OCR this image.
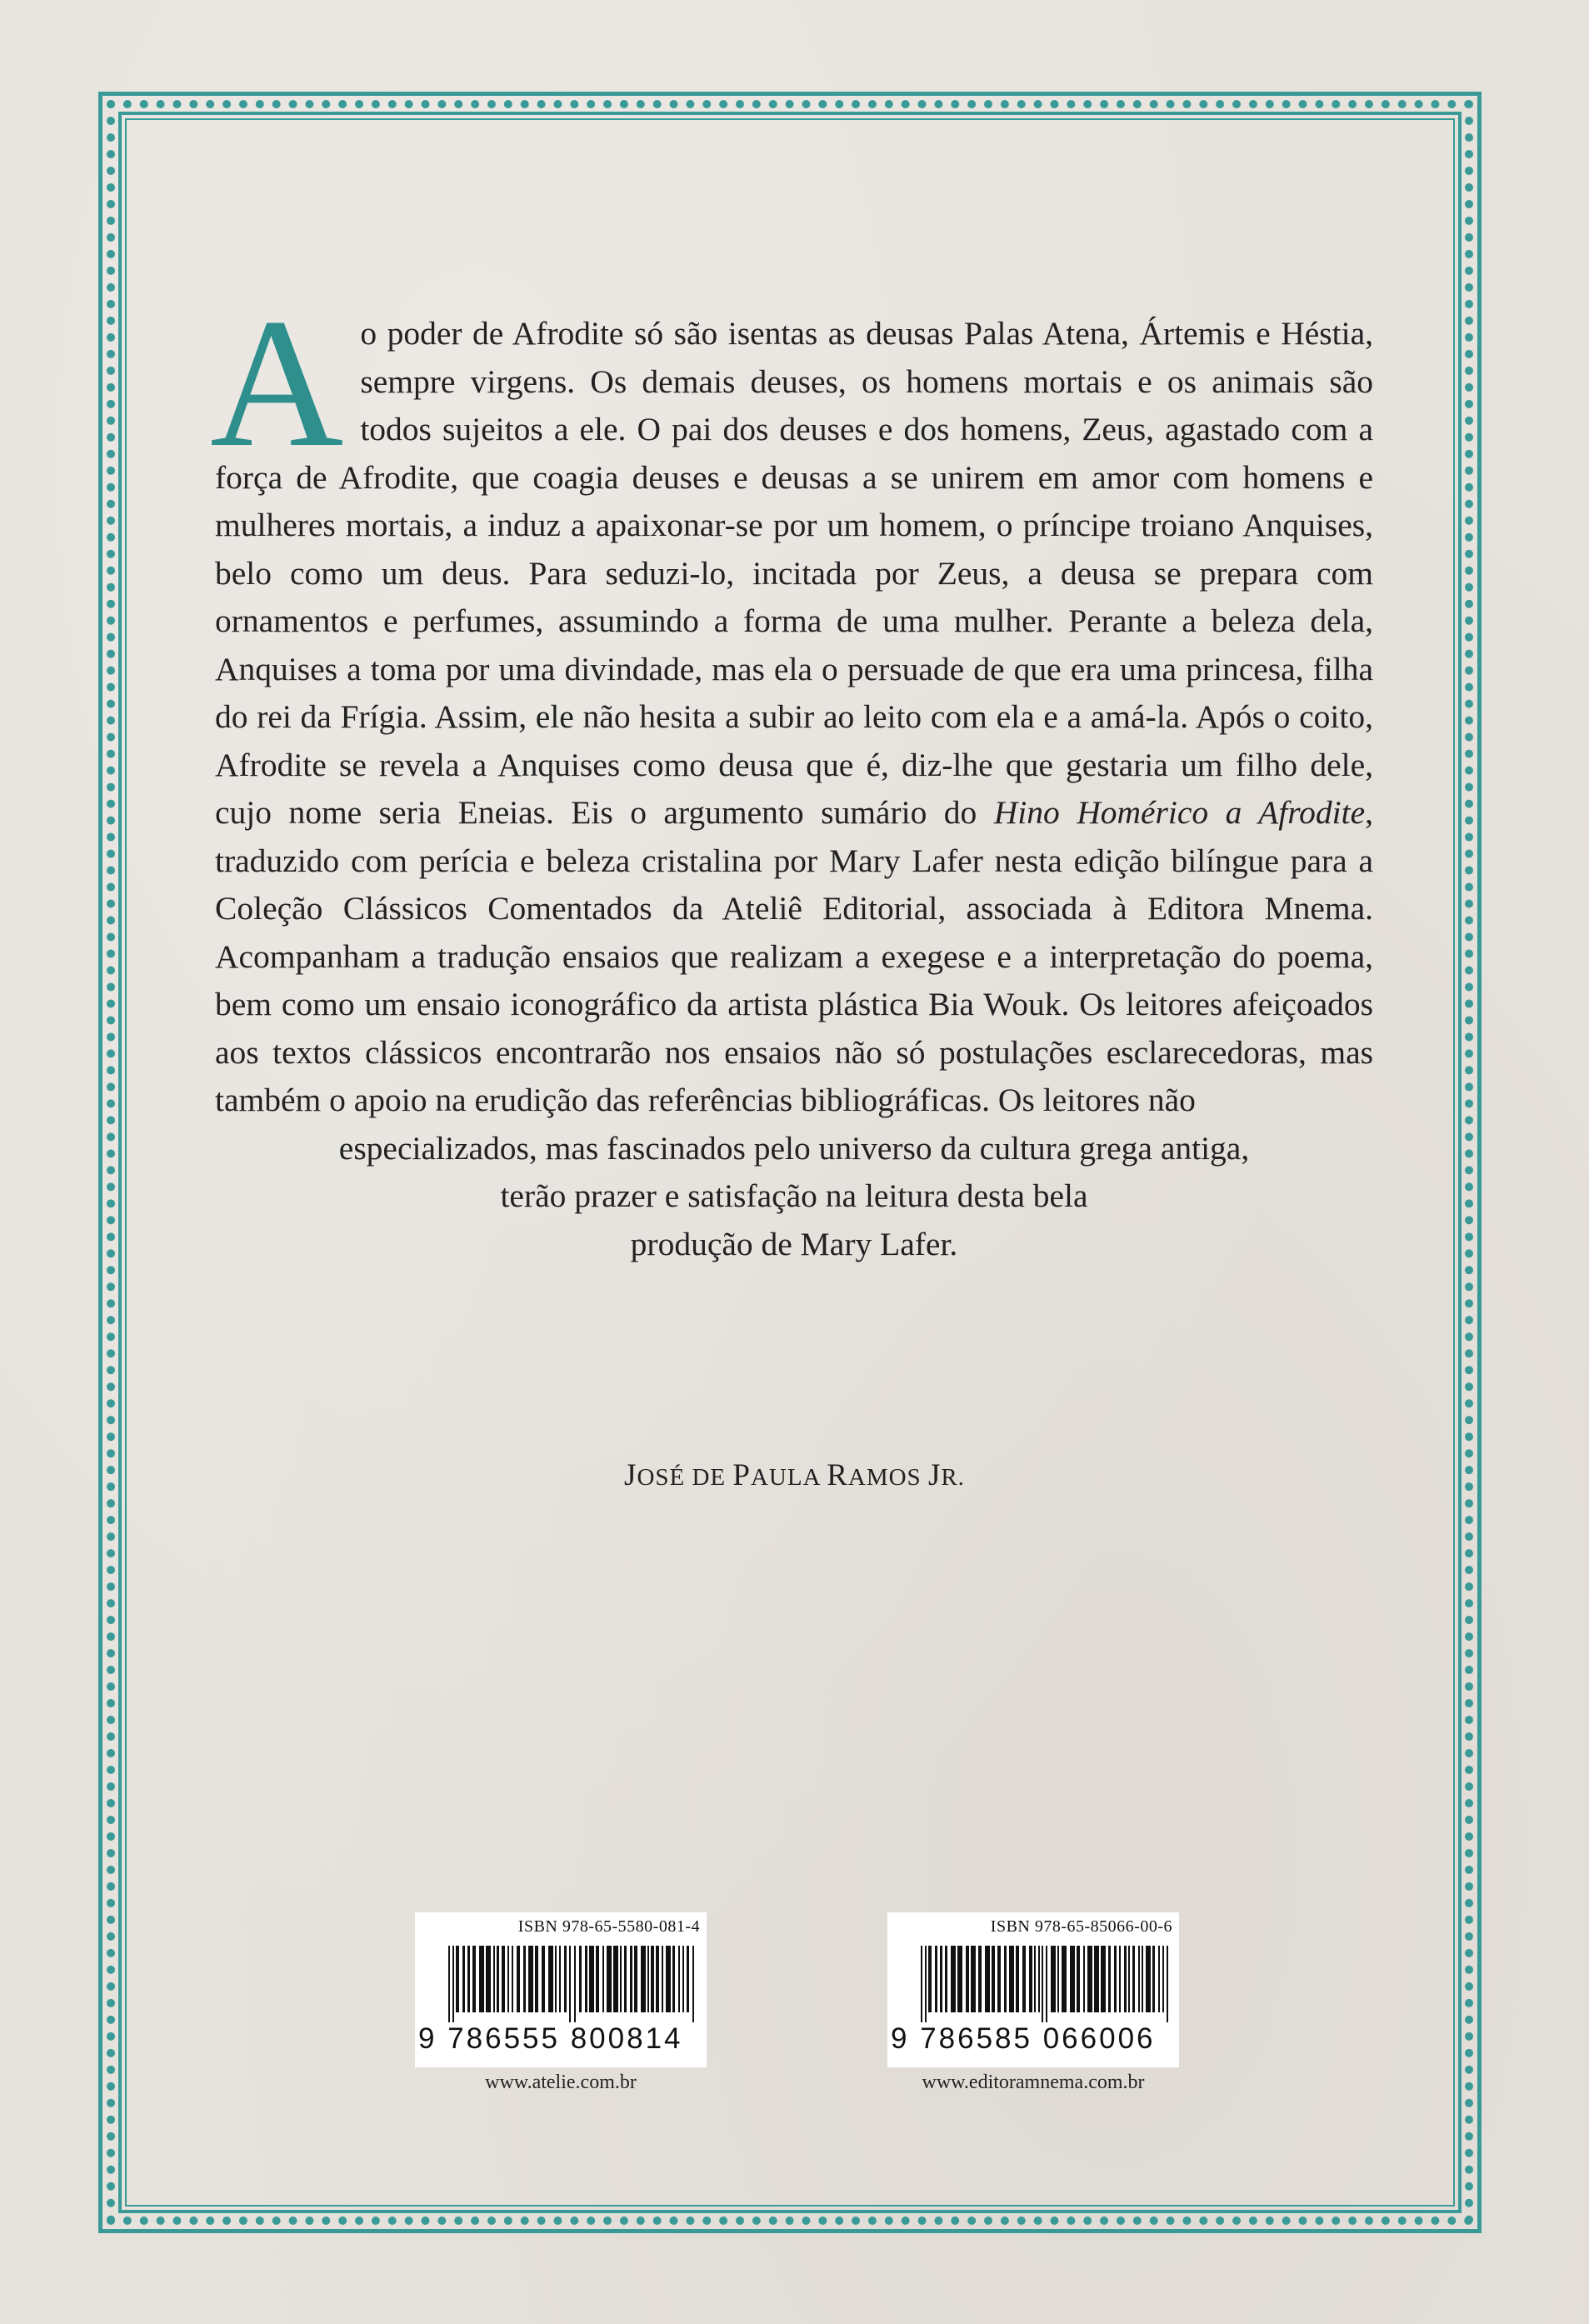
Ao poder de Afrodite só são isentas as deusas Palas Atena, Ártemis e Héstia, sempre virgens. Os demais deuses, os homens mortais e os animais são todos sujeitos a ele. O pai dos deuses e dos homens, Zeus, agastado com a força de Afrodite, que coagia deuses e deusas a se unirem em amor com homens e mulheres mortais, a induz a apaixonar-se por um homem, o príncipe troiano Anquises, belo como um deus. Para seduzi-lo, incitada por Zeus, a deusa se prepara com ornamentos e perfumes, assumindo a forma de uma mulher. Perante a beleza dela, Anquises a toma por uma divindade, mas ela o persuade de que era uma princesa, filha do rei da Frígia. Assim, ele não hesita a subir ao leito com ela e a amá-la. Após o coito, Afrodite se revela a Anquises como deusa que é, diz-lhe que gestaria um filho dele, cujo nome seria Eneias. Eis o argumento sumário do Hino Homérico a Afrodite, traduzido com perícia e beleza cristalina por Mary Lafer nesta edição bilíngue para a Coleção Clássicos Comentados da Ateliê Editorial, associada à Editora Mnema. Acompanham a tradução ensaios que realizam a exegese e a interpretação do poema, bem como um ensaio iconográfico da artista plástica Bia Wouk. Os leitores afeiçoados aos textos clássicos encontrarão nos ensaios não só postulações esclarecedoras, mas também o apoio na erudição das referências bibliográficas. Os leitores não

especializados, mas fascinados pelo universo da cultura grega antiga,
terão prazer e satisfação na leitura desta bela
produção de Mary Lafer.
JOSÉ DE PAULA RAMOS JR.
ISBN 978-65-5580-081-4
9 786555 800814
www.atelie.com.br
ISBN 978-65-85066-00-6
9 786585 066006
www.editoramnema.com.br
